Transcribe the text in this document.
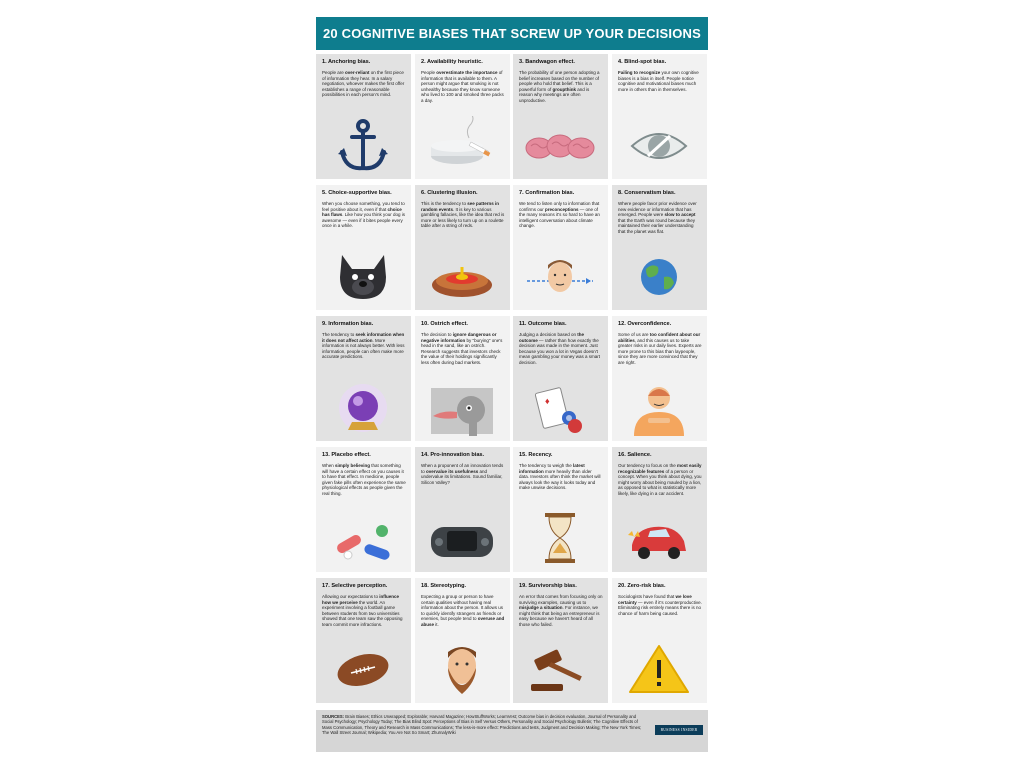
20 COGNITIVE BIASES THAT SCREW UP YOUR DECISIONS
1. Anchoring bias.
People are over-reliant on the first piece of information they hear. In a salary negotiation, whoever makes the first offer establishes a range of reasonable possibilities in each person's mind.
2. Availability heuristic.
People overestimate the importance of information that is available to them. A person might argue that smoking is not unhealthy because they know someone who lived to 100 and smoked three packs a day.
3. Bandwagon effect.
The probability of one person adopting a belief increases based on the number of people who hold that belief. This is a powerful form of groupthink and is reason why meetings are often unproductive.
4. Blind-spot bias.
Failing to recognize your own cognitive biases is a bias in itself. People notice cognitive and motivational biases much more in others than in themselves.
5. Choice-supportive bias.
When you choose something, you tend to feel positive about it, even if that choice has flaws. Like how you think your dog is awesome — even if it bites people every once in a while.
6. Clustering illusion.
This is the tendency to see patterns in random events. It is key to various gambling fallacies, like the idea that red is more or less likely to turn up on a roulette table after a string of reds.
7. Confirmation bias.
We tend to listen only to information that confirms our preconceptions — one of the many reasons it's so hard to have an intelligent conversation about climate change.
8. Conservatism bias.
Where people favor prior evidence over new evidence or information that has emerged. People were slow to accept that the Earth was round because they maintained their earlier understanding that the planet was flat.
9. Information bias.
The tendency to seek information when it does not affect action. More information is not always better. With less information, people can often make more accurate predictions.
10. Ostrich effect.
The decision to ignore dangerous or negative information by "burying" one's head in the sand, like an ostrich. Research suggests that investors check the value of their holdings significantly less often during bad markets.
11. Outcome bias.
Judging a decision based on the outcome — rather than how exactly the decision was made in the moment. Just because you won a lot in Vegas doesn't mean gambling your money was a smart decision.
♦
12. Overconfidence.
Some of us are too confident about our abilities, and this causes us to take greater risks in our daily lives. Experts are more prone to this bias than laypeople, since they are more convinced that they are right.
13. Placebo effect.
When simply believing that something will have a certain effect on you causes it to have that effect. In medicine, people given fake pills often experience the same physiological effects as people given the real thing.
14. Pro-innovation bias.
When a proponent of an innovation tends to overvalue its usefulness and undervalue its limitations. Sound familiar, Silicon Valley?
15. Recency.
The tendency to weigh the latest information more heavily than older data. Investors often think the market will always look the way it looks today and make unwise decisions.
16. Salience.
Our tendency to focus on the most easily recognizable features of a person or concept. When you think about dying, you might worry about being mauled by a lion, as opposed to what is statistically more likely, like dying in a car accident.
17. Selective perception.
Allowing our expectations to influence how we perceive the world. An experiment involving a football game between students from two universities showed that one team saw the opposing team commit more infractions.
18. Stereotyping.
Expecting a group or person to have certain qualities without having real information about the person. It allows us to quickly identify strangers as friends or enemies, but people tend to overuse and abuse it.
19. Survivorship bias.
An error that comes from focusing only on surviving examples, causing us to misjudge a situation. For instance, we might think that being an entrepreneur is easy because we haven't heard of all those who failed.
20. Zero-risk bias.
Sociologists have found that we love certainty — even if it's counterproductive. Eliminating risk entirely means there is no chance of harm being caused.
SOURCES: Brain Biases; Ethics Unwrapped; Explorable; Harvard Magazine; HowStuffWorks; LearnVest; Outcome bias in decision evaluation, Journal of Personality and Social Psychology; Psychology Today; The Bias Blind Spot: Perceptions of Bias in Self Versus Others, Personality and Social Psychology Bulletin; The Cognitive Effects of Mass Communication, Theory and Research in Mass Communications; The less-is-more effect: Predictions and tests, Judgment and Decision Making; The New York Times; The Wall Street Journal; Wikipedia; You Are Not So Smart; ZhurnalyWiki
BUSINESS INSIDER
